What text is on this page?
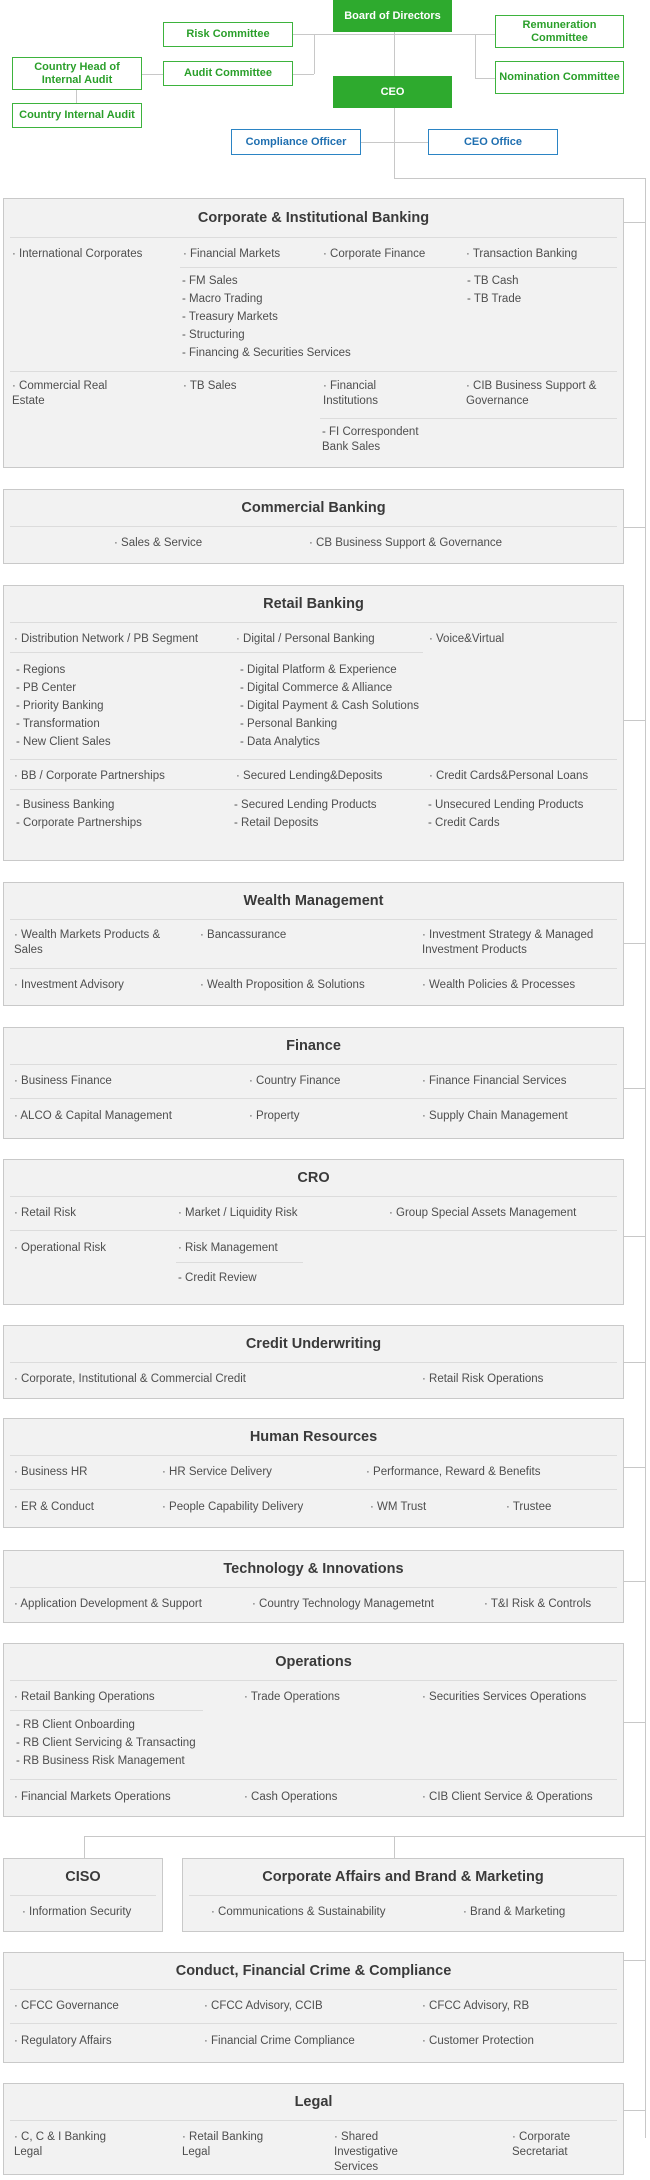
Board of Directors
Risk Committee
Audit Committee
Remuneration Committee
Nomination Committee
Country Head of Internal Audit
Country Internal Audit
CEO
Compliance Officer	CEO Office
Corporate & Institutional Banking
· International Corporates	· Financial Markets	· Corporate Finance	· Transaction Banking
- FM Sales
- Macro Trading
- Treasury Markets
- Structuring
- Financing & Securities Services
- TB Cash
- TB Trade
· Commercial Real Estate
· TB Sales	· Financial Institutions
· CIB Business Support & Governance
- FI Correspondent Bank Sales
Commercial Banking
· Sales & Service	· CB Business Support & Governance
Retail Banking
· Distribution Network / PB Segment	· Digital / Personal Banking	· Voice&Virtual
- Regions
- PB Center
- Priority Banking
- Transformation
- New Client Sales
- Digital Platform & Experience
- Digital Commerce & Alliance
- Digital Payment & Cash Solutions
- Personal Banking
- Data Analytics
· BB / Corporate Partnerships	· Secured Lending&Deposits	· Credit Cards&Personal Loans
- Business Banking
- Corporate Partnerships
- Secured Lending Products
- Retail Deposits
- Unsecured Lending Products
- Credit Cards
Wealth Management
· Wealth Markets Products & Sales
· Bancassurance	· Investment Strategy & Managed Investment Products
· Investment Advisory	· Wealth Proposition & Solutions	· Wealth Policies & Processes
Finance
· Business Finance	· Country Finance	· Finance Financial Services
· ALCO & Capital Management	· Property	· Supply Chain Management
CRO
· Retail Risk	· Market / Liquidity Risk	· Group Special Assets Management
· Operational Risk	· Risk Management
- Credit Review
Credit Underwriting
· Corporate, Institutional & Commercial Credit	· Retail Risk Operations
Human Resources
· Business HR	· HR Service Delivery	· Performance, Reward & Benefits
· ER & Conduct	· People Capability Delivery	· WM Trust	· Trustee
Technology & Innovations
· Application Development & Support	· Country Technology Managemetnt	· T&I Risk & Controls
Operations
· Retail Banking Operations	· Trade Operations	· Securities Services Operations
- RB Client Onboarding
- RB Client Servicing & Transacting
- RB Business Risk Management
· Financial Markets Operations	· Cash Operations	· CIB Client Service & Operations
CISO
· Information Security
Corporate Affairs and Brand & Marketing
· Communications & Sustainability	· Brand & Marketing
Conduct, Financial Crime & Compliance
· CFCC Governance	· CFCC Advisory, CCIB	· CFCC Advisory, RB
· Regulatory Affairs	· Financial Crime Compliance	· Customer Protection
Legal
· C, C & I Banking Legal
· Retail Banking Legal
· Shared Investigative Services
· Corporate Secretariat
